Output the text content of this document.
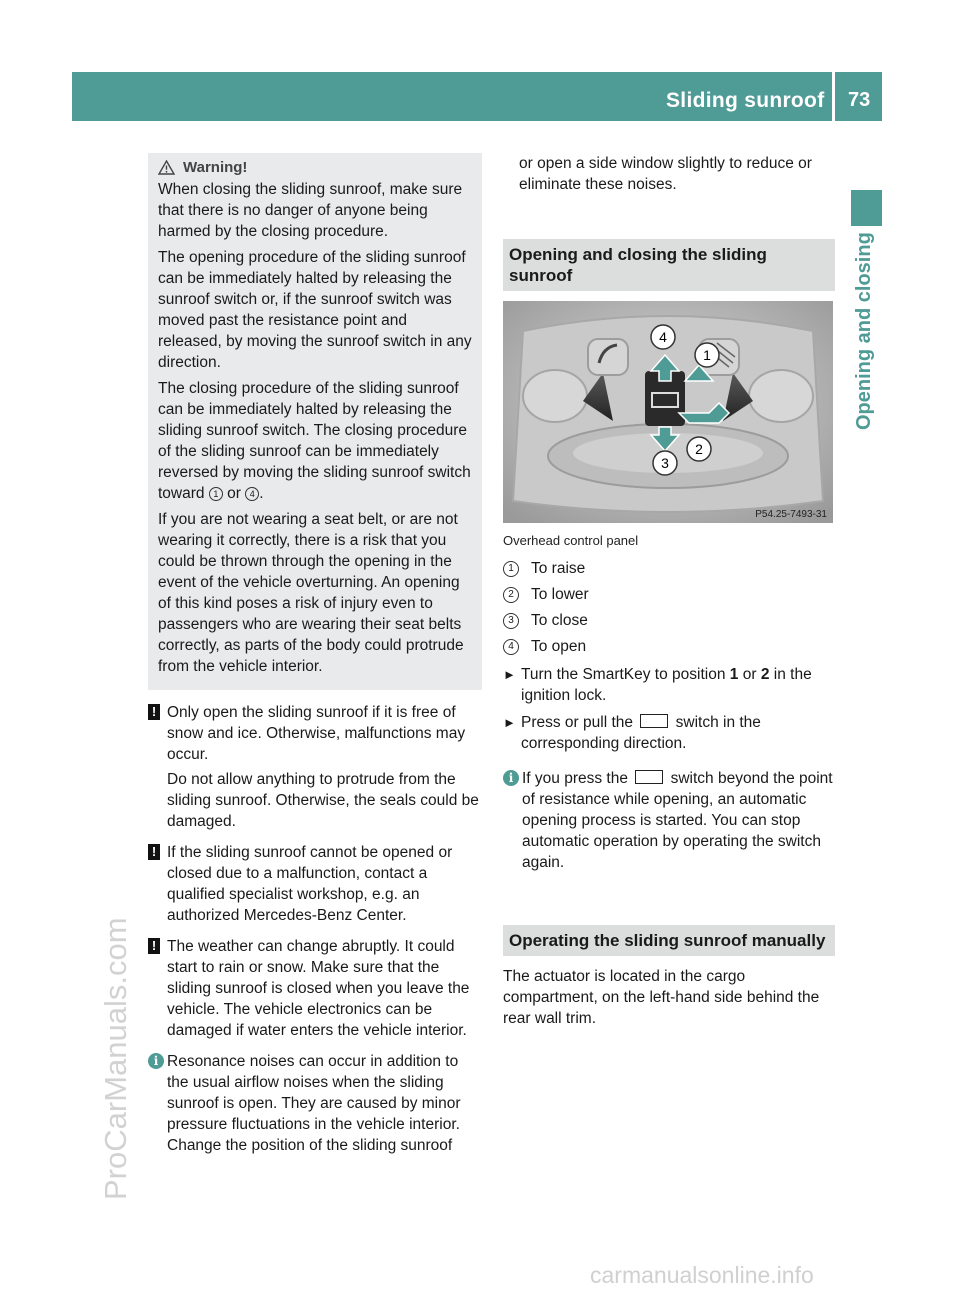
Sliding sunroof 73
Opening and closing
ProCarManuals.com
carmanualsonline.info
Warning!

When closing the sliding sunroof, make sure that there is no danger of anyone being harmed by the closing procedure.

The opening procedure of the sliding sunroof can be immediately halted by releasing the sunroof switch or, if the sunroof switch was moved past the resistance point and released, by moving the sunroof switch in any direction.

The closing procedure of the sliding sunroof can be immediately halted by releasing the sliding sunroof switch. The closing procedure of the sliding sunroof can be immediately reversed by moving the sliding sunroof switch toward 1 or 4 .

If you are not wearing a seat belt, or are not wearing it correctly, there is a risk that you could be thrown through the opening in the event of the vehicle overturning. An opening of this kind poses a risk of injury even to passengers who are wearing their seat belts correctly, as parts of the body could protrude from the vehicle interior.

! Only open the sliding sunroof if it is free of snow and ice. Otherwise, malfunctions may occur.

Do not allow anything to protrude from the sliding sunroof. Otherwise, the seals could be damaged.

! If the sliding sunroof cannot be opened or closed due to a malfunction, contact a qualified specialist workshop, e.g. an authorized Mercedes-Benz Center.

! The weather can change abruptly. It could start to rain or snow. Make sure that the sliding sunroof is closed when you leave the vehicle. The vehicle electronics can be damaged if water enters the vehicle interior.

i Resonance noises can occur in addition to the usual airflow noises when the sliding sunroof is open. They are caused by minor pressure fluctuations in the vehicle interior. Change the position of the sliding sunroof

or open a side window slightly to reduce or eliminate these noises.

Opening and closing the sliding sunroof
4
1
2
3
P54.25-7493-31
Overhead control panel
1	To raise
2	To lower
3	To close
4	To open
► Turn the SmartKey to position 1 or 2 in the ignition lock.

► Press or pull the	switch in the corresponding direction.

i If you press the	switch beyond the point of resistance while opening, an automatic opening process is started. You can stop automatic operation by operating the switch again.

Operating the sliding sunroof manually

The actuator is located in the cargo compartment, on the left-hand side behind the rear wall trim.
